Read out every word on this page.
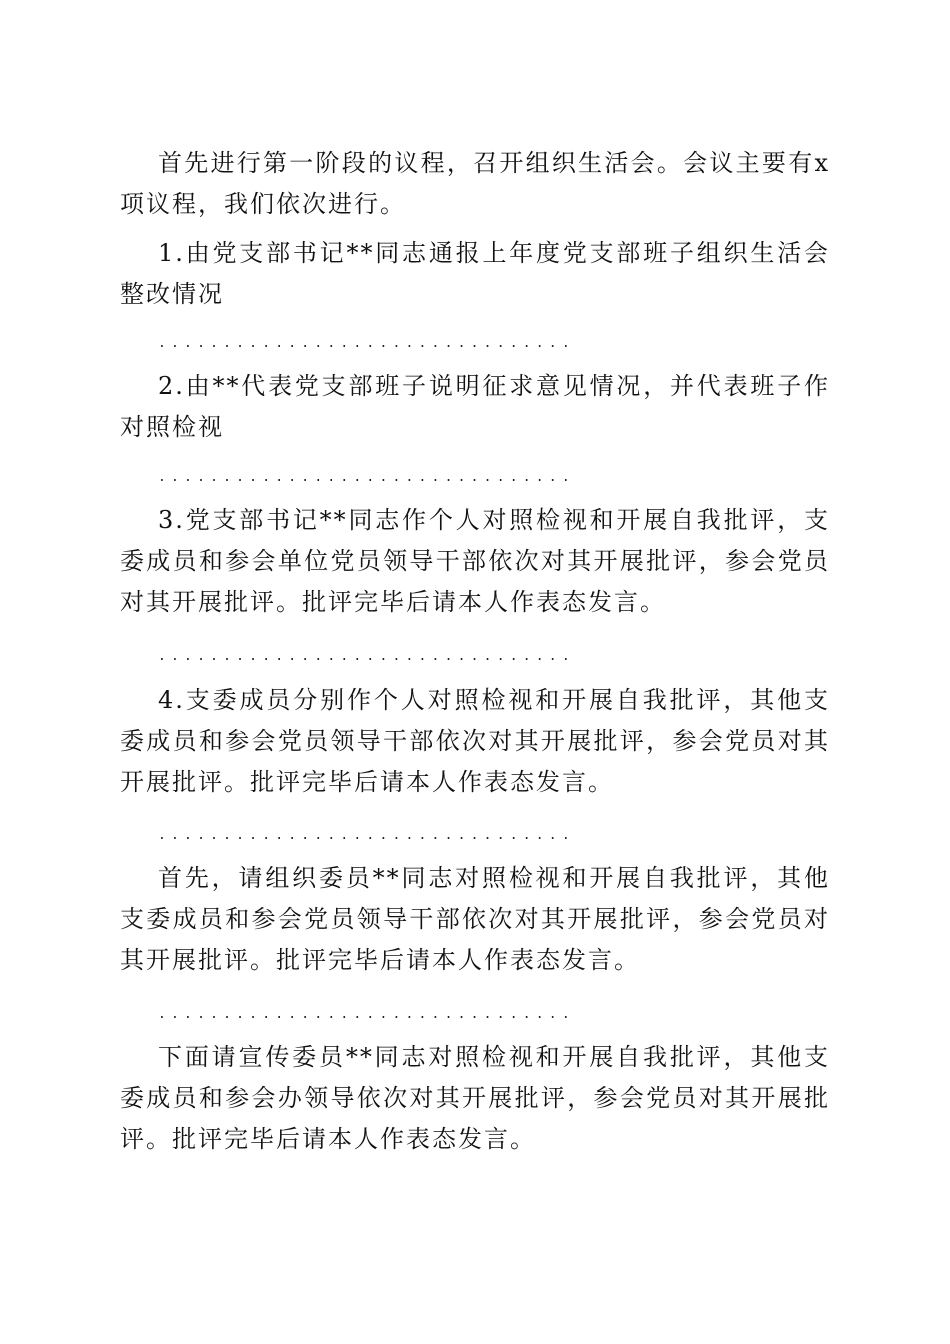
首先进行第一阶段的议程，召开组织生活会。会议主要有x项议程，我们依次进行。

1.由党支部书记**同志通报上年度党支部班子组织生活会整改情况

................................

2.由**代表党支部班子说明征求意见情况，并代表班子作对照检视

................................

3.党支部书记**同志作个人对照检视和开展自我批评，支委成员和参会单位党员领导干部依次对其开展批评，参会党员对其开展批评。批评完毕后请本人作表态发言。

................................

4.支委成员分别作个人对照检视和开展自我批评，其他支委成员和参会党员领导干部依次对其开展批评，参会党员对其开展批评。批评完毕后请本人作表态发言。

................................

首先，请组织委员**同志对照检视和开展自我批评，其他支委成员和参会党员领导干部依次对其开展批评，参会党员对其开展批评。批评完毕后请本人作表态发言。

................................

下面请宣传委员**同志对照检视和开展自我批评，其他支委成员和参会办领导依次对其开展批评，参会党员对其开展批评。批评完毕后请本人作表态发言。
